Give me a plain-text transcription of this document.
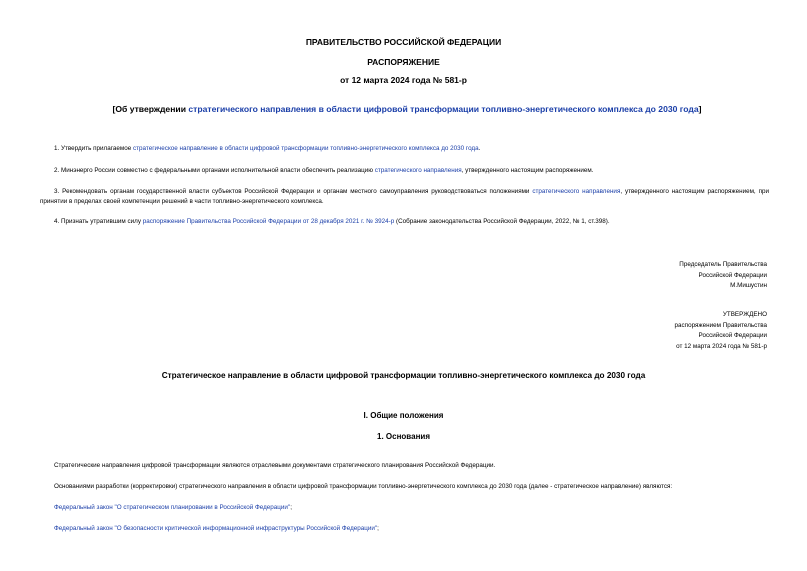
ПРАВИТЕЛЬСТВО РОССИЙСКОЙ ФЕДЕРАЦИИ
РАСПОРЯЖЕНИЕ
от 12 марта 2024 года № 581-р
[Об утверждении стратегического направления в области цифровой трансформации топливно-энергетического комплекса до 2030 года]
1. Утвердить прилагаемое стратегическое направление в области цифровой трансформации топливно-энергетического комплекса до 2030 года.
2. Минэнерго России совместно с федеральными органами исполнительной власти обеспечить реализацию стратегического направления, утвержденного настоящим распоряжением.
3. Рекомендовать органам государственной власти субъектов Российской Федерации и органам местного самоуправления руководствоваться положениями стратегического направления, утвержденного настоящим распоряжением, при принятии в пределах своей компетенции решений в части топливно-энергетического комплекса.
4. Признать утратившим силу распоряжение Правительства Российской Федерации от 28 декабря 2021 г. № 3924-р (Собрание законодательства Российской Федерации, 2022, № 1, ст.398).
Председатель Правительства
Российской Федерации
М.Мишустин
УТВЕРЖДЕНО
распоряжением Правительства
Российской Федерации
от 12 марта 2024 года № 581-р
Стратегическое направление в области цифровой трансформации топливно-энергетического комплекса до 2030 года
I. Общие положения
1. Основания
Стратегические направления цифровой трансформации являются отраслевыми документами стратегического планирования Российской Федерации.
Основаниями разработки (корректировки) стратегического направления в области цифровой трансформации топливно-энергетического комплекса до 2030 года (далее - стратегическое направление) являются:
Федеральный закон "О стратегическом планировании в Российской Федерации";
Федеральный закон "О безопасности критической информационной инфраструктуры Российской Федерации";
